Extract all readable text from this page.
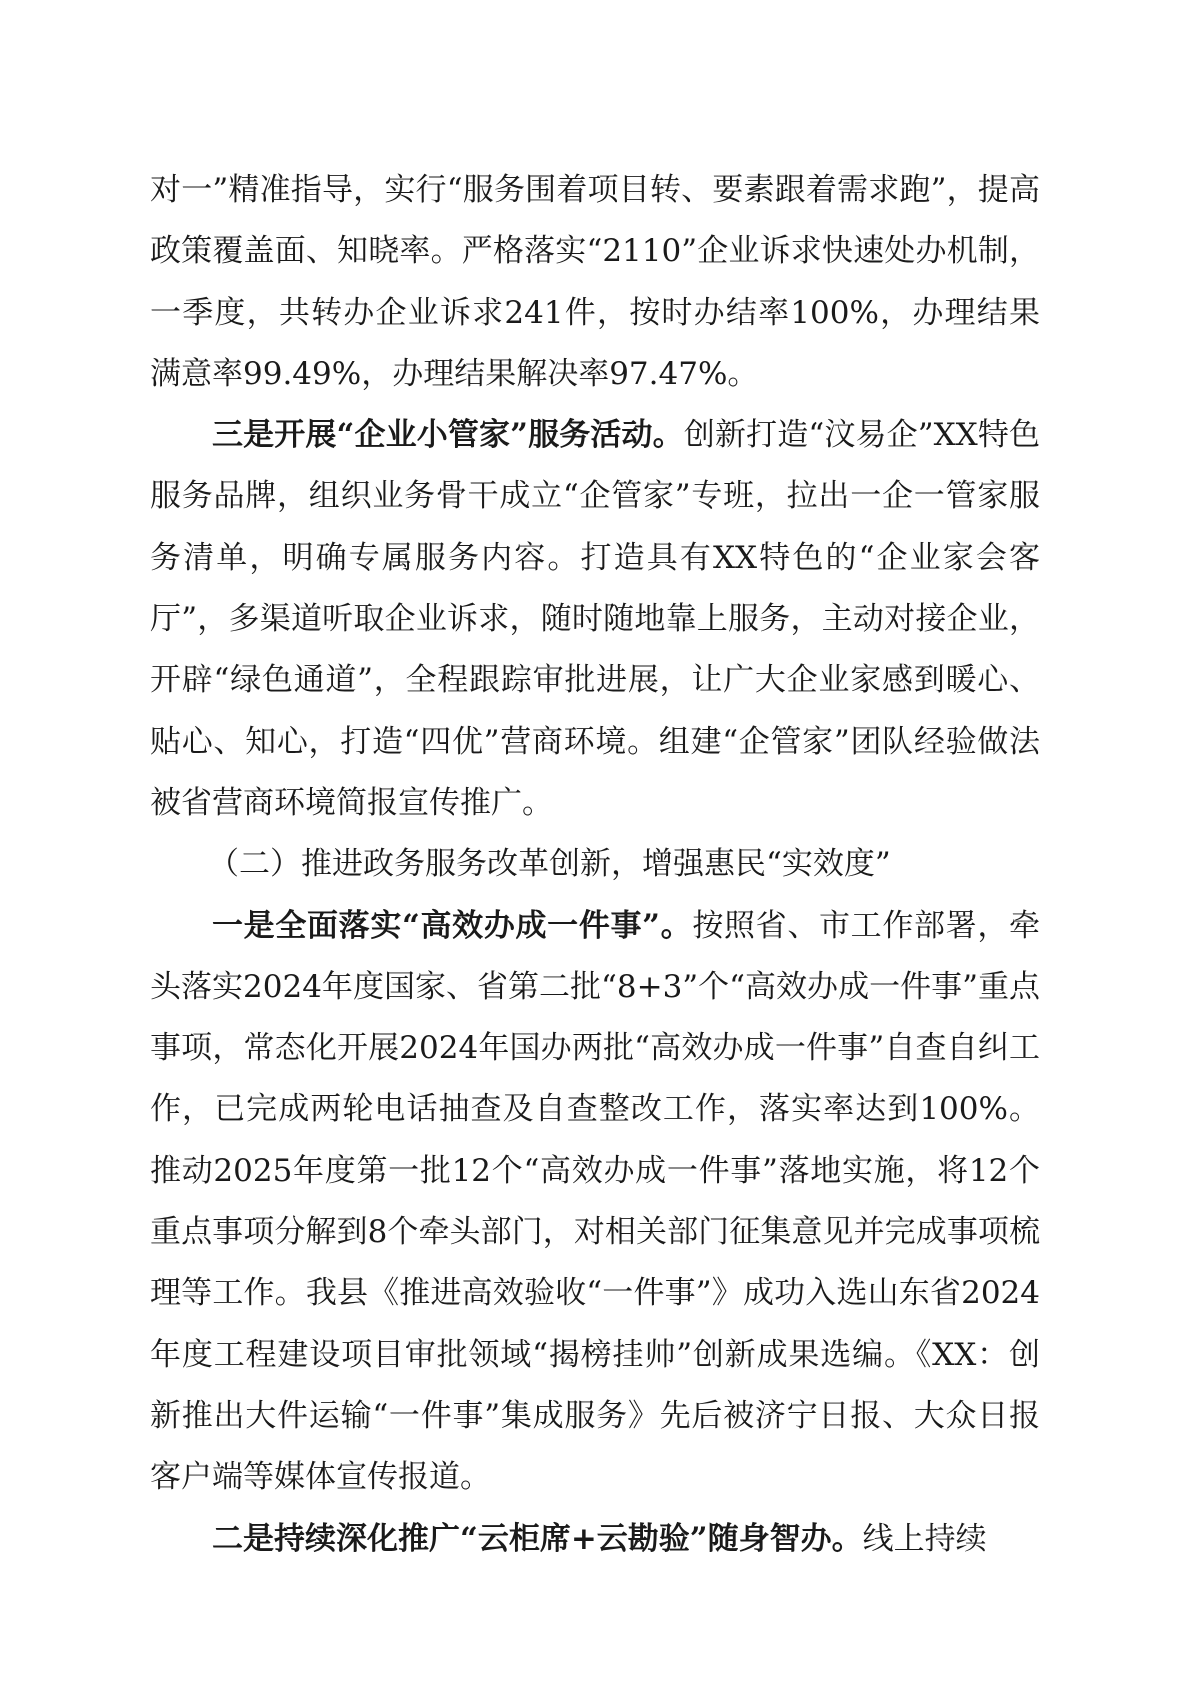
对一”精准指导，实行“服务围着项目转、要素跟着需求跑”，提高政策覆盖面、知晓率。严格落实“2110”企业诉求快速处办机制，一季度，共转办企业诉求241件，按时办结率100%，办理结果满意率99.49%，办理结果解决率97.47%。

三是开展“企业小管家”服务活动。创新打造“汶易企”XX特色服务品牌，组织业务骨干成立“企管家”专班，拉出一企一管家服务清单，明确专属服务内容。打造具有XX特色的“企业家会客厅”，多渠道听取企业诉求，随时随地靠上服务，主动对接企业，开辟“绿色通道”，全程跟踪审批进展，让广大企业家感到暖心、贴心、知心，打造“四优”营商环境。组建“企管家”团队经验做法被省营商环境简报宣传推广。

（二）推进政务服务改革创新，增强惠民“实效度”

一是全面落实“高效办成一件事”。按照省、市工作部署，牵头落实2024年度国家、省第二批“8+3”个“高效办成一件事”重点事项，常态化开展2024年国办两批“高效办成一件事”自查自纠工作，已完成两轮电话抽查及自查整改工作，落实率达到100%。推动2025年度第一批12个“高效办成一件事”落地实施，将12个重点事项分解到8个牵头部门，对相关部门征集意见并完成事项梳理等工作。我县《推进高效验收“一件事”》成功入选山东省2024年度工程建设项目审批领域“揭榜挂帅”创新成果选编。《XX：创新推出大件运输“一件事”集成服务》先后被济宁日报、大众日报客户端等媒体宣传报道。

二是持续深化推广“云柜席+云勘验”随身智办。线上持续
